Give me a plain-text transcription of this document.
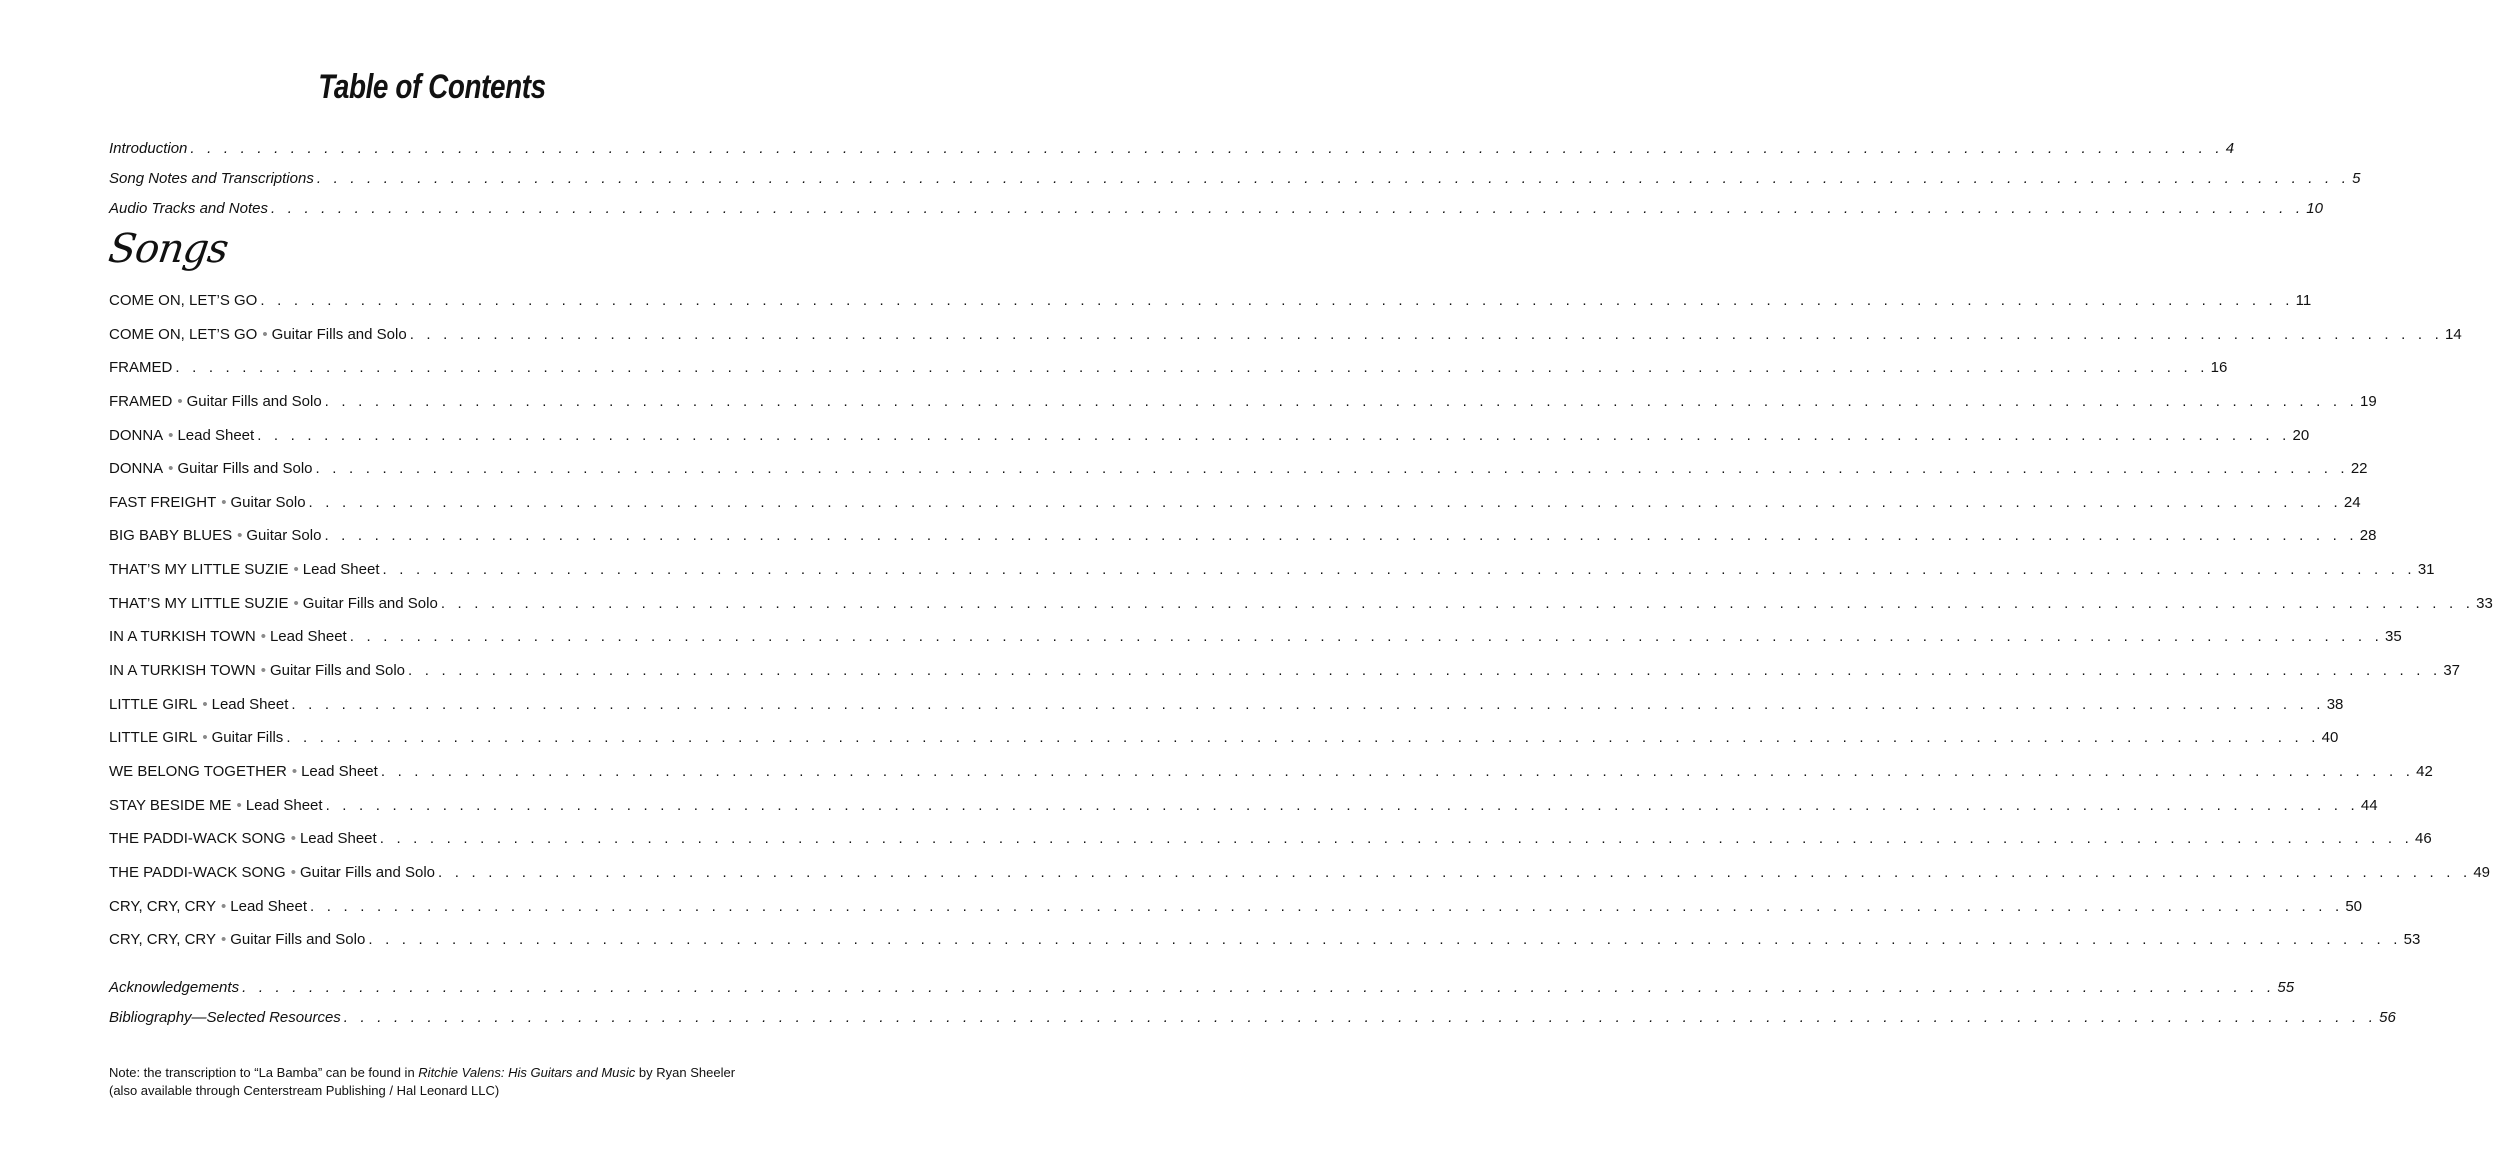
Table of Contents
Introduction . . . . . . . . . . . . . . . . . . . . . . . . . . . . . . . . . . . . . . . . . . . . . . . . . . . . . . . . . . . . . . . . . . . . . . . . . . . . . . . . . . . . . . . . . . . . . . . . . . . . . . . . . . . . . . . . . . . . . . . . . . 4
Song Notes and Transcriptions . . . . . . . . . . . . . . . . . . . . . . . . . . . . . . . . . . . . . . . . . . . . . . . . . . . . . . . . . . . . . . . . . . . . . . . . . . . . . . . . . . . . . . . . . . . . . . . . . . . . . . . . . . . . . . . . . . . . . . . . . . 5
Audio Tracks and Notes . . . . . . . . . . . . . . . . . . . . . . . . . . . . . . . . . . . . . . . . . . . . . . . . . . . . . . . . . . . . . . . . . . . . . . . . . . . . . . . . . . . . . . . . . . . . . . . . . . . . . . . . . . . . . . . . . . . . . . . . . . 10
Songs
COME ON, LET’S GO . . . . . . . . . . . . . . . . . . . . . . . . . . . . . . . . . . . . . . . . . . . . . . . . . . . . . . . . . . . . . . . . . . . . . . . . . . . . . . . . . . . . . . . . . . . . . . . . . . . . . . . . . . . . . . . . . . . . . . . . . . 11
COME ON, LET’S GO • Guitar Fills and Solo . . . . . . . . . . . . . . . . . . . . . . . . . . . . . . . . . . . . . . . . . . . . . . . . . . . . . . . . . . . . . . . . . . . . . . . . . . . . . . . . . . . . . . . . . . . . . . . . . . . . . . . . . . . . . . . . . . . . . . . . . . 14
FRAMED . . . . . . . . . . . . . . . . . . . . . . . . . . . . . . . . . . . . . . . . . . . . . . . . . . . . . . . . . . . . . . . . . . . . . . . . . . . . . . . . . . . . . . . . . . . . . . . . . . . . . . . . . . . . . . . . . . . . . . . . . . 16
FRAMED • Guitar Fills and Solo . . . . . . . . . . . . . . . . . . . . . . . . . . . . . . . . . . . . . . . . . . . . . . . . . . . . . . . . . . . . . . . . . . . . . . . . . . . . . . . . . . . . . . . . . . . . . . . . . . . . . . . . . . . . . . . . . . . . . . . . . . 19
DONNA • Lead Sheet . . . . . . . . . . . . . . . . . . . . . . . . . . . . . . . . . . . . . . . . . . . . . . . . . . . . . . . . . . . . . . . . . . . . . . . . . . . . . . . . . . . . . . . . . . . . . . . . . . . . . . . . . . . . . . . . . . . . . . . . . . 20
DONNA • Guitar Fills and Solo . . . . . . . . . . . . . . . . . . . . . . . . . . . . . . . . . . . . . . . . . . . . . . . . . . . . . . . . . . . . . . . . . . . . . . . . . . . . . . . . . . . . . . . . . . . . . . . . . . . . . . . . . . . . . . . . . . . . . . . . . . 22
FAST FREIGHT • Guitar Solo . . . . . . . . . . . . . . . . . . . . . . . . . . . . . . . . . . . . . . . . . . . . . . . . . . . . . . . . . . . . . . . . . . . . . . . . . . . . . . . . . . . . . . . . . . . . . . . . . . . . . . . . . . . . . . . . . . . . . . . . . . 24
BIG BABY BLUES • Guitar Solo . . . . . . . . . . . . . . . . . . . . . . . . . . . . . . . . . . . . . . . . . . . . . . . . . . . . . . . . . . . . . . . . . . . . . . . . . . . . . . . . . . . . . . . . . . . . . . . . . . . . . . . . . . . . . . . . . . . . . . . . . . 28
THAT’S MY LITTLE SUZIE • Lead Sheet . . . . . . . . . . . . . . . . . . . . . . . . . . . . . . . . . . . . . . . . . . . . . . . . . . . . . . . . . . . . . . . . . . . . . . . . . . . . . . . . . . . . . . . . . . . . . . . . . . . . . . . . . . . . . . . . . . . . . . . . . . 31
THAT’S MY LITTLE SUZIE • Guitar Fills and Solo . . . . . . . . . . . . . . . . . . . . . . . . . . . . . . . . . . . . . . . . . . . . . . . . . . . . . . . . . . . . . . . . . . . . . . . . . . . . . . . . . . . . . . . . . . . . . . . . . . . . . . . . . . . . . . . . . . . . . . . . . . 33
IN A TURKISH TOWN • Lead Sheet . . . . . . . . . . . . . . . . . . . . . . . . . . . . . . . . . . . . . . . . . . . . . . . . . . . . . . . . . . . . . . . . . . . . . . . . . . . . . . . . . . . . . . . . . . . . . . . . . . . . . . . . . . . . . . . . . . . . . . . . . . 35
IN A TURKISH TOWN • Guitar Fills and Solo . . . . . . . . . . . . . . . . . . . . . . . . . . . . . . . . . . . . . . . . . . . . . . . . . . . . . . . . . . . . . . . . . . . . . . . . . . . . . . . . . . . . . . . . . . . . . . . . . . . . . . . . . . . . . . . . . . . . . . . . . . 37
LITTLE GIRL • Lead Sheet . . . . . . . . . . . . . . . . . . . . . . . . . . . . . . . . . . . . . . . . . . . . . . . . . . . . . . . . . . . . . . . . . . . . . . . . . . . . . . . . . . . . . . . . . . . . . . . . . . . . . . . . . . . . . . . . . . . . . . . . . . 38
LITTLE GIRL • Guitar Fills . . . . . . . . . . . . . . . . . . . . . . . . . . . . . . . . . . . . . . . . . . . . . . . . . . . . . . . . . . . . . . . . . . . . . . . . . . . . . . . . . . . . . . . . . . . . . . . . . . . . . . . . . . . . . . . . . . . . . . . . . . 40
WE BELONG TOGETHER • Lead Sheet . . . . . . . . . . . . . . . . . . . . . . . . . . . . . . . . . . . . . . . . . . . . . . . . . . . . . . . . . . . . . . . . . . . . . . . . . . . . . . . . . . . . . . . . . . . . . . . . . . . . . . . . . . . . . . . . . . . . . . . . . . 42
STAY BESIDE ME • Lead Sheet . . . . . . . . . . . . . . . . . . . . . . . . . . . . . . . . . . . . . . . . . . . . . . . . . . . . . . . . . . . . . . . . . . . . . . . . . . . . . . . . . . . . . . . . . . . . . . . . . . . . . . . . . . . . . . . . . . . . . . . . . . 44
THE PADDI-WACK SONG • Lead Sheet . . . . . . . . . . . . . . . . . . . . . . . . . . . . . . . . . . . . . . . . . . . . . . . . . . . . . . . . . . . . . . . . . . . . . . . . . . . . . . . . . . . . . . . . . . . . . . . . . . . . . . . . . . . . . . . . . . . . . . . . . . 46
THE PADDI-WACK SONG • Guitar Fills and Solo . . . . . . . . . . . . . . . . . . . . . . . . . . . . . . . . . . . . . . . . . . . . . . . . . . . . . . . . . . . . . . . . . . . . . . . . . . . . . . . . . . . . . . . . . . . . . . . . . . . . . . . . . . . . . . . . . . . . . . . . . . 49
CRY, CRY, CRY • Lead Sheet . . . . . . . . . . . . . . . . . . . . . . . . . . . . . . . . . . . . . . . . . . . . . . . . . . . . . . . . . . . . . . . . . . . . . . . . . . . . . . . . . . . . . . . . . . . . . . . . . . . . . . . . . . . . . . . . . . . . . . . . . . 50
CRY, CRY, CRY • Guitar Fills and Solo . . . . . . . . . . . . . . . . . . . . . . . . . . . . . . . . . . . . . . . . . . . . . . . . . . . . . . . . . . . . . . . . . . . . . . . . . . . . . . . . . . . . . . . . . . . . . . . . . . . . . . . . . . . . . . . . . . . . . . . . . . 53
Acknowledgements . . . . . . . . . . . . . . . . . . . . . . . . . . . . . . . . . . . . . . . . . . . . . . . . . . . . . . . . . . . . . . . . . . . . . . . . . . . . . . . . . . . . . . . . . . . . . . . . . . . . . . . . . . . . . . . . . . . . . . . . . . 55
Bibliography—Selected Resources . . . . . . . . . . . . . . . . . . . . . . . . . . . . . . . . . . . . . . . . . . . . . . . . . . . . . . . . . . . . . . . . . . . . . . . . . . . . . . . . . . . . . . . . . . . . . . . . . . . . . . . . . . . . . . . . . . . . . . . . . . 56
Note: the transcription to “La Bamba” can be found in Ritchie Valens: His Guitars and Music by Ryan Sheeler
(also available through Centerstream Publishing / Hal Leonard LLC)
